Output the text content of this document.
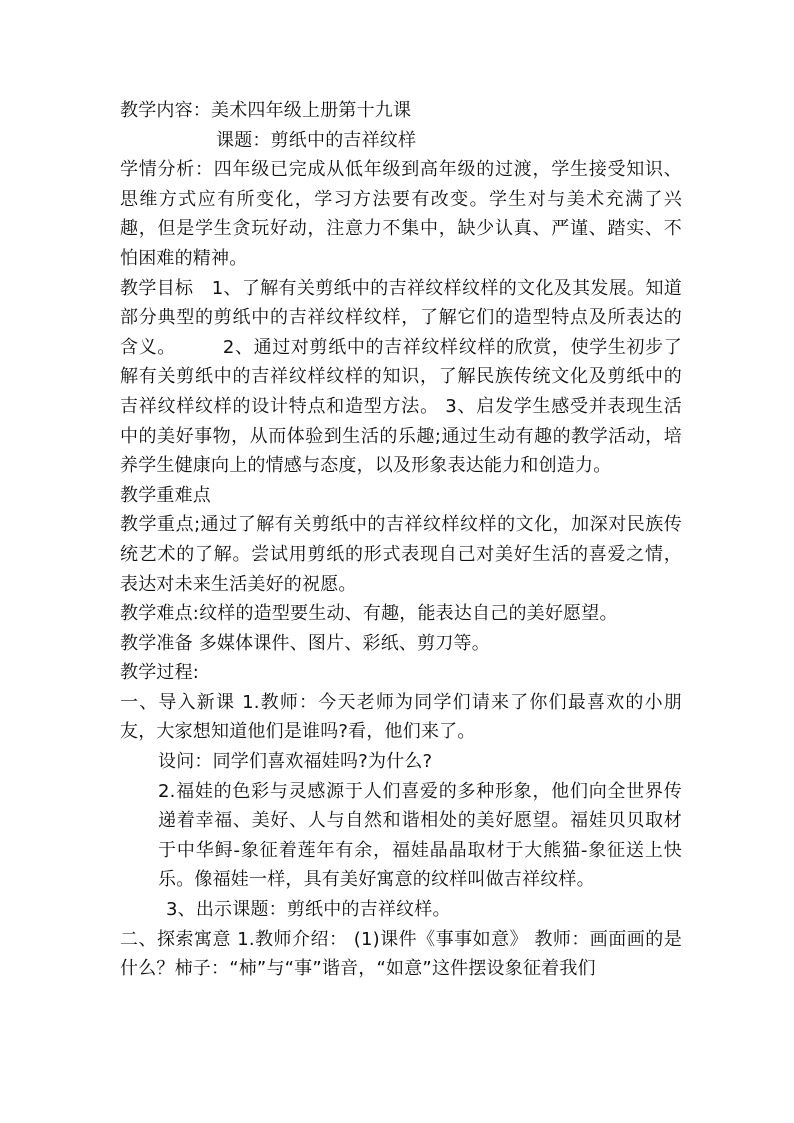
教学内容：美术四年级上册第十九课

课题：剪纸中的吉祥纹样

学情分析：四年级已完成从低年级到高年级的过渡，学生接受知识、思维方式应有所变化，学习方法要有改变。学生对与美术充满了兴趣，但是学生贪玩好动，注意力不集中，缺少认真、严谨、踏实、不怕困难的精神。

教学目标　1、了解有关剪纸中的吉祥纹样纹样的文化及其发展。知道部分典型的剪纸中的吉祥纹样纹样，了解它们的造型特点及所表达的含义。　　　2、通过对剪纸中的吉祥纹样纹样的欣赏，使学生初步了解有关剪纸中的吉祥纹样纹样的知识，了解民族传统文化及剪纸中的吉祥纹样纹样的设计特点和造型方法。 3、启发学生感受并表现生活中的美好事物，从而体验到生活的乐趣;通过生动有趣的教学活动，培养学生健康向上的情感与态度，以及形象表达能力和创造力。

教学重难点

教学重点;通过了解有关剪纸中的吉祥纹样纹样的文化，加深对民族传统艺术的了解。尝试用剪纸的形式表现自己对美好生活的喜爱之情，表达对未来生活美好的祝愿。

教学难点:纹样的造型要生动、有趣，能表达自己的美好愿望。

教学准备 多媒体课件、图片、彩纸、剪刀等。

教学过程:

一、导入新课 1.教师：今天老师为同学们请来了你们最喜欢的小朋友，大家想知道他们是谁吗?看，他们来了。

设问：同学们喜欢福娃吗?为什么?

2.福娃的色彩与灵感源于人们喜爱的多种形象，他们向全世界传递着幸福、美好、人与自然和谐相处的美好愿望。福娃贝贝取材于中华鲟-象征着莲年有余，福娃晶晶取材于大熊猫-象征送上快乐。像福娃一样，具有美好寓意的纹样叫做吉祥纹样。

3、出示课题：剪纸中的吉祥纹样。

二、探索寓意 1.教师介绍： (1)课件《事事如意》 教师：画面画的是什么？柿子：“柿”与“事”谐音，“如意”这件摆设象征着我们
